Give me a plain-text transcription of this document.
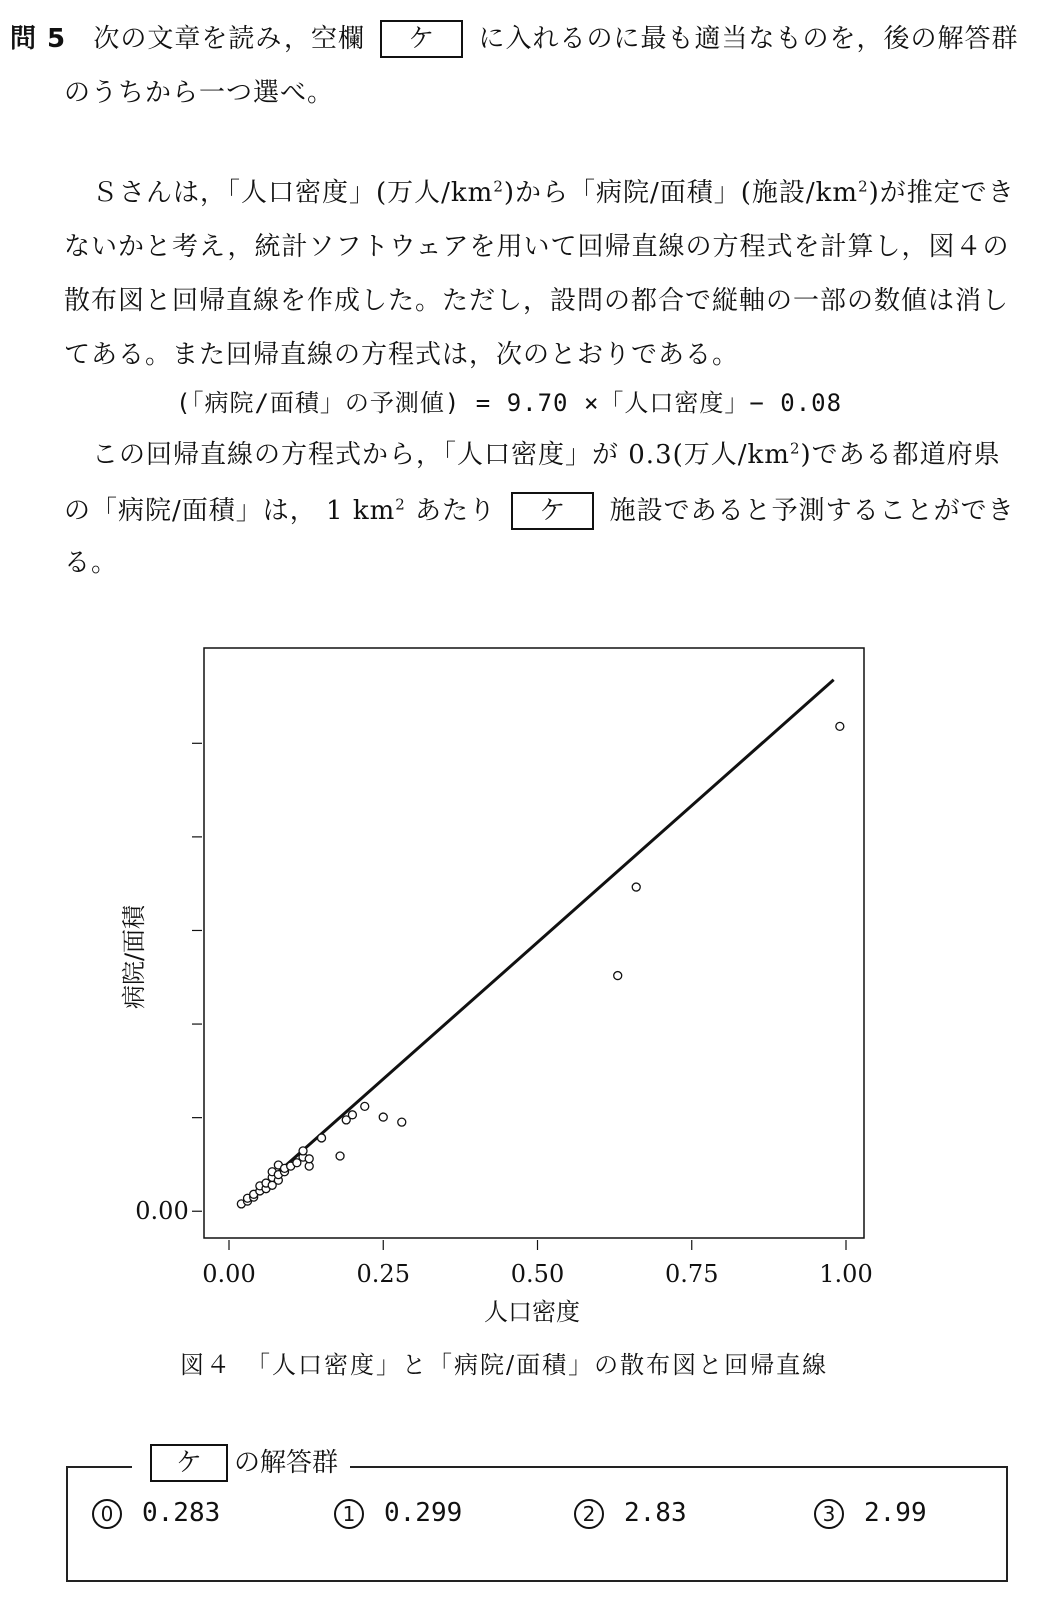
問 5 次の文章を読み，空欄 ケ に入れるのに最も適当なものを，後の解答群
のうちから一つ選べ。
Ｓさんは，「人口密度」(万人$/km^2$)から「病院/面積」(施設$/km^2$)が推定でき
ないかと考え，統計ソフトウェアを用いて回帰直線の方程式を計算し，図４の
散布図と回帰直線を作成した。ただし，設問の都合で縦軸の一部の数値は消し
てある。また回帰直線の方程式は，次のとおりである。
(「病院/面積」の予測値) = 9.70 ×「人口密度」− 0.08
この回帰直線の方程式から，「人口密度」が 0.3(万人$/km^2$)である都道府県
の「病院/面積」は， 1 $km^2$ あたり ケ 施設であると予測することができ
る。
0.00	0.25	0.50	0.75	1.00
0.00
人口密度
病院/面積
図４　「人口密度」と「病院/面積」の散布図と回帰直線
ケ の解答群
0 0.283	1 0.299	2 2.83	3 2.99
